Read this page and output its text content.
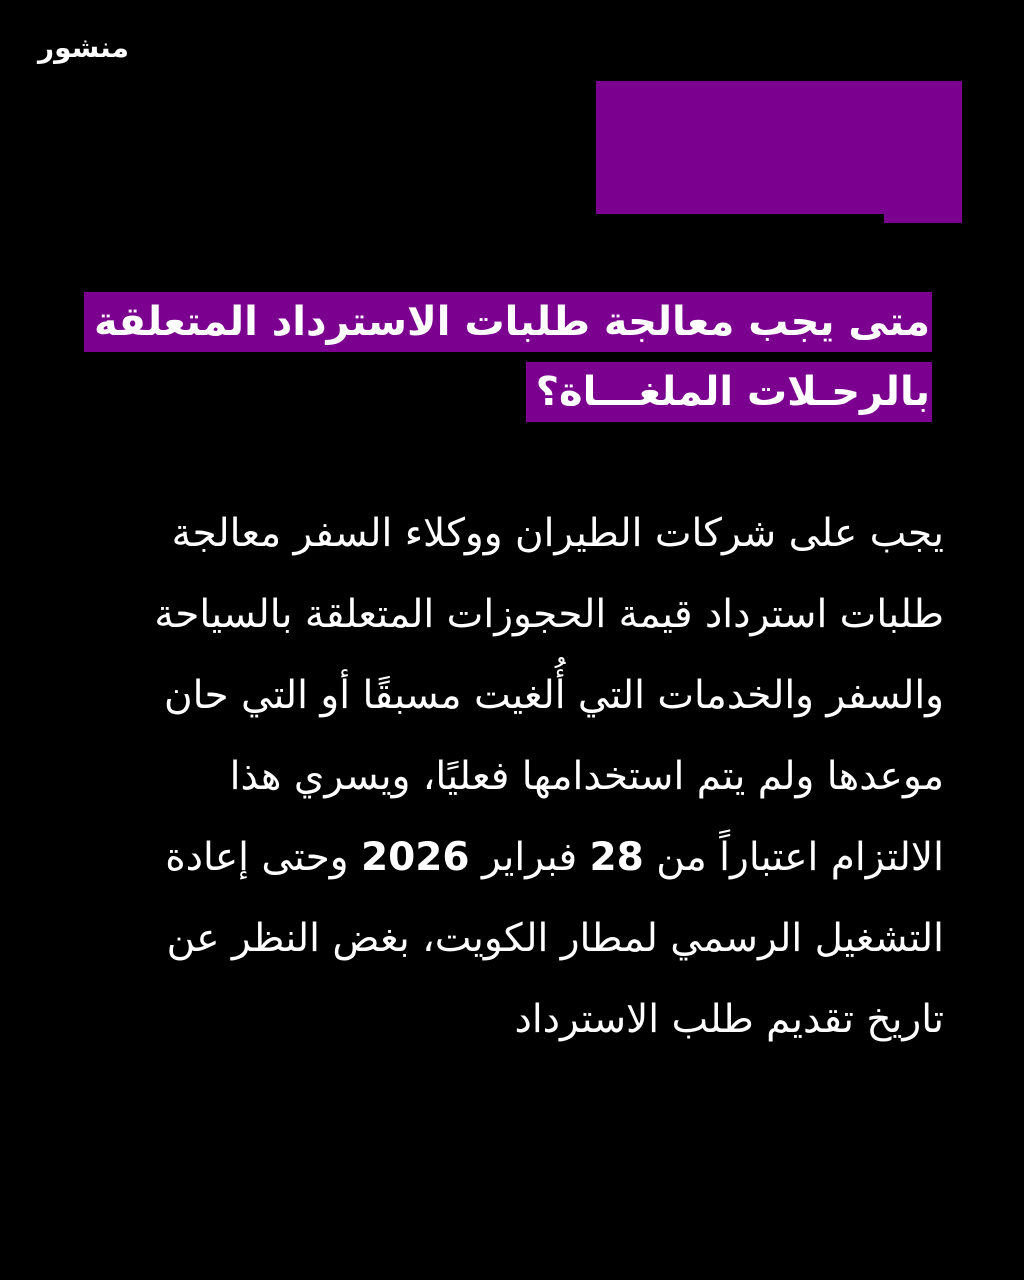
منشور
متى يجب معالجة طلبات الاسترداد المتعلقة
بالرحـلات الملغـــاة؟
يجب على شركات الطيران ووكلاء السفر معالجة
طلبات استرداد قيمة الحجوزات المتعلقة بالسياحة
والسفر والخدمات التي أُلغيت مسبقًا أو التي حان
موعدها ولم يتم استخدامها فعليًا، ويسري هذا
الالتزام اعتباراً من 28 فبراير 2026 وحتى إعادة
التشغيل الرسمي لمطار الكويت، بغض النظر عن
تاريخ تقديم طلب الاسترداد
